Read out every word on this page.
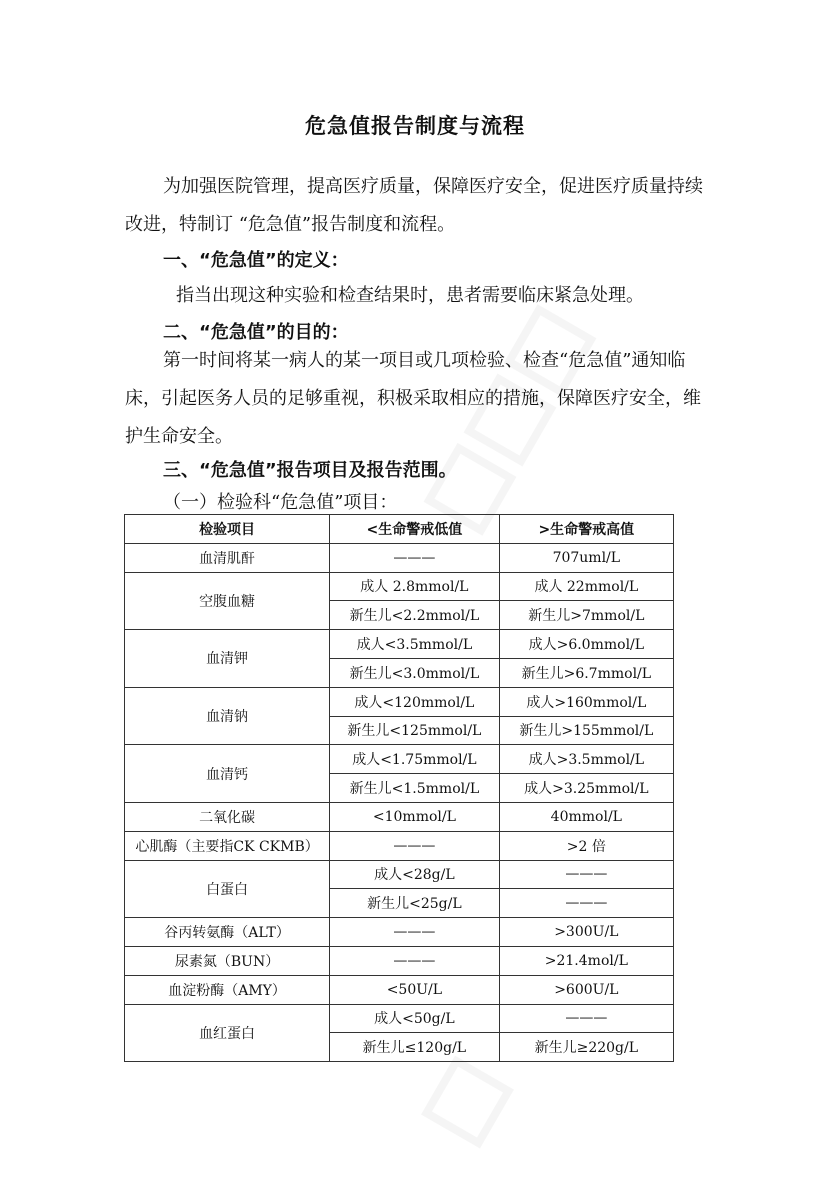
危急值报告制度与流程
为加强医院管理，提高医疗质量，保障医疗安全，促进医疗质量持续改进，特制订 “危急值”报告制度和流程。
一、“危急值”的定义：
指当出现这种实验和检查结果时，患者需要临床紧急处理。
二、“危急值”的目的：
第一时间将某一病人的某一项目或几项检验、检查“危急值”通知临床，引起医务人员的足够重视，积极采取相应的措施，保障医疗安全，维护生命安全。
三、“危急值”报告项目及报告范围。
（一）检验科“危急值”项目：
检验项目	<生命警戒低值	>生命警戒高值
血清肌酐	———	707uml/L
空腹血糖	成人 2.8mmol/L	成人 22mmol/L
	新生儿<2.2mmol/L	新生儿>7mmol/L
血清钾	成人<3.5mmol/L	成人>6.0mmol/L
	新生儿<3.0mmol/L	新生儿>6.7mmol/L
血清钠	成人<120mmol/L	成人>160mmol/L
	新生儿<125mmol/L	新生儿>155mmol/L
血清钙	成人<1.75mmol/L	成人>3.5mmol/L
	新生儿<1.5mmol/L	成人>3.25mmol/L
二氧化碳	<10mmol/L	40mmol/L
心肌酶（主要指CK CKMB）	———	>2 倍
白蛋白	成人<28g/L	———
	新生儿<25g/L	———
谷丙转氨酶（ALT）	———	>300U/L
尿素氮（BUN）	———	>21.4mol/L
血淀粉酶（AMY）	<50U/L	>600U/L
血红蛋白	成人<50g/L	———
	新生儿≤120g/L	新生儿≥220g/L
